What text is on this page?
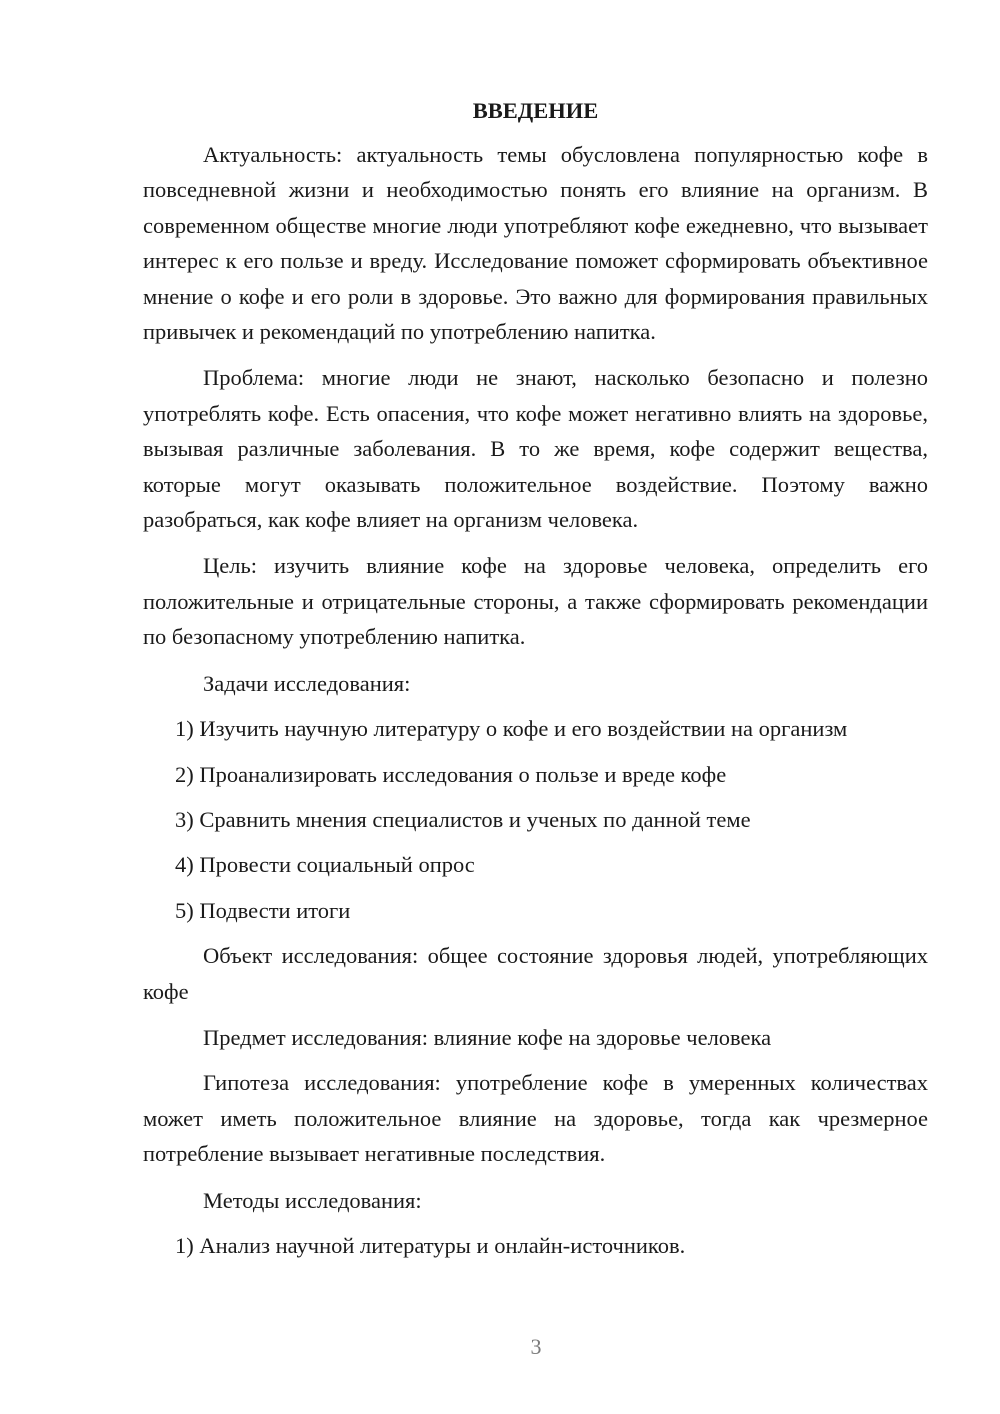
ВВЕДЕНИЕ

Актуальность: актуальность темы обусловлена популярностью кофе в повседневной жизни и необходимостью понять его влияние на организм. В современном обществе многие люди употребляют кофе ежедневно, что вызывает интерес к его пользе и вреду. Исследование поможет сформировать объективное мнение о кофе и его роли в здоровье. Это важно для формирования правильных привычек и рекомендаций по употреблению напитка.

Проблема: многие люди не знают, насколько безопасно и полезно употреблять кофе. Есть опасения, что кофе может негативно влиять на здоровье, вызывая различные заболевания. В то же время, кофе содержит вещества, которые могут оказывать положительное воздействие. Поэтому важно разобраться, как кофе влияет на организм человека.

Цель: изучить влияние кофе на здоровье человека, определить его положительные и отрицательные стороны, а также сформировать рекомендации по безопасному употреблению напитка.

Задачи исследования:
1) Изучить научную литературу о кофе и его воздействии на организм
2) Проанализировать исследования о пользе и вреде кофе
3) Сравнить мнения специалистов и ученых по данной теме
4) Провести социальный опрос
5) Подвести итоги

Объект исследования: общее состояние здоровья людей, употребляющих кофе

Предмет исследования: влияние кофе на здоровье человека

Гипотеза исследования: употребление кофе в умеренных количествах может иметь положительное влияние на здоровье, тогда как чрезмерное потребление вызывает негативные последствия.

Методы исследования:
1) Анализ научной литературы и онлайн-источников.
3
